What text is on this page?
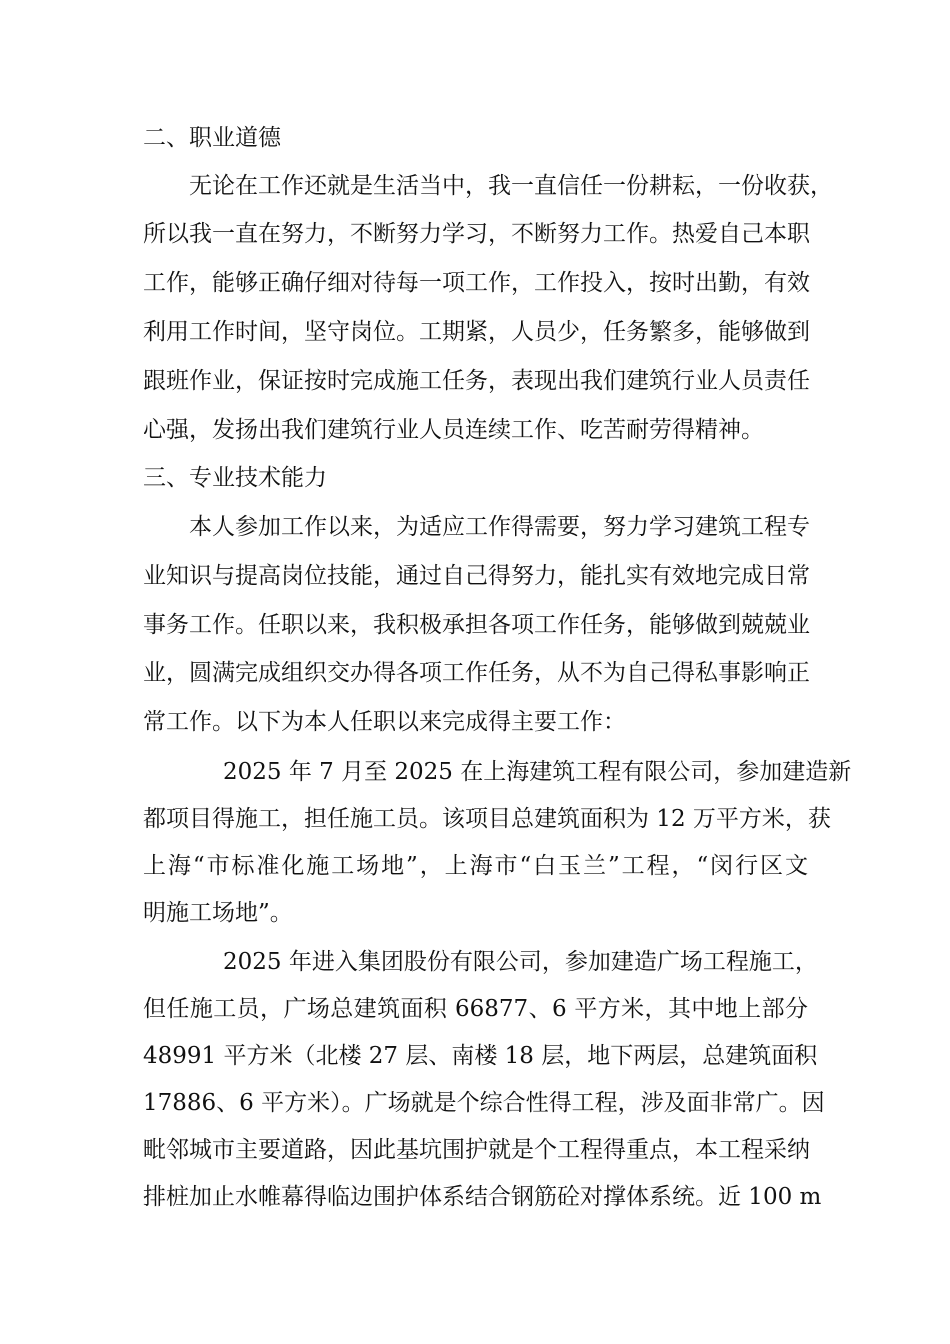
二、职业道德
无论在工作还就是生活当中，我一直信任一份耕耘，一份收获，
所以我一直在努力，不断努力学习，不断努力工作。热爱自己本职
工作，能够正确仔细对待每一项工作，工作投入，按时出勤，有效
利用工作时间，坚守岗位。工期紧，人员少，任务繁多，能够做到
跟班作业，保证按时完成施工任务，表现出我们建筑行业人员责任
心强，发扬出我们建筑行业人员连续工作、吃苦耐劳得精神。
三、专业技术能力
本人参加工作以来，为适应工作得需要，努力学习建筑工程专
业知识与提高岗位技能，通过自己得努力，能扎实有效地完成日常
事务工作。任职以来，我积极承担各项工作任务，能够做到兢兢业
业，圆满完成组织交办得各项工作任务，从不为自己得私事影响正
常工作。以下为本人任职以来完成得主要工作：
2025 年 7 月至 2025 在上海建筑工程有限公司，参加建造新
都项目得施工，担任施工员。该项目总建筑面积为 12 万平方米，获
上海“市标准化施工场地”，上海市“白玉兰”工程，“闵行区文
明施工场地”。
2025 年进入集团股份有限公司，参加建造广场工程施工，
但任施工员，广场总建筑面积 66877、6 平方米，其中地上部分
48991 平方米（北楼 27 层、南楼 18 层，地下两层，总建筑面积
17886、6 平方米）。广场就是个综合性得工程，涉及面非常广。因
毗邻城市主要道路，因此基坑围护就是个工程得重点，本工程采纳
排桩加止水帷幕得临边围护体系结合钢筋砼对撑体系统。近 100 m
